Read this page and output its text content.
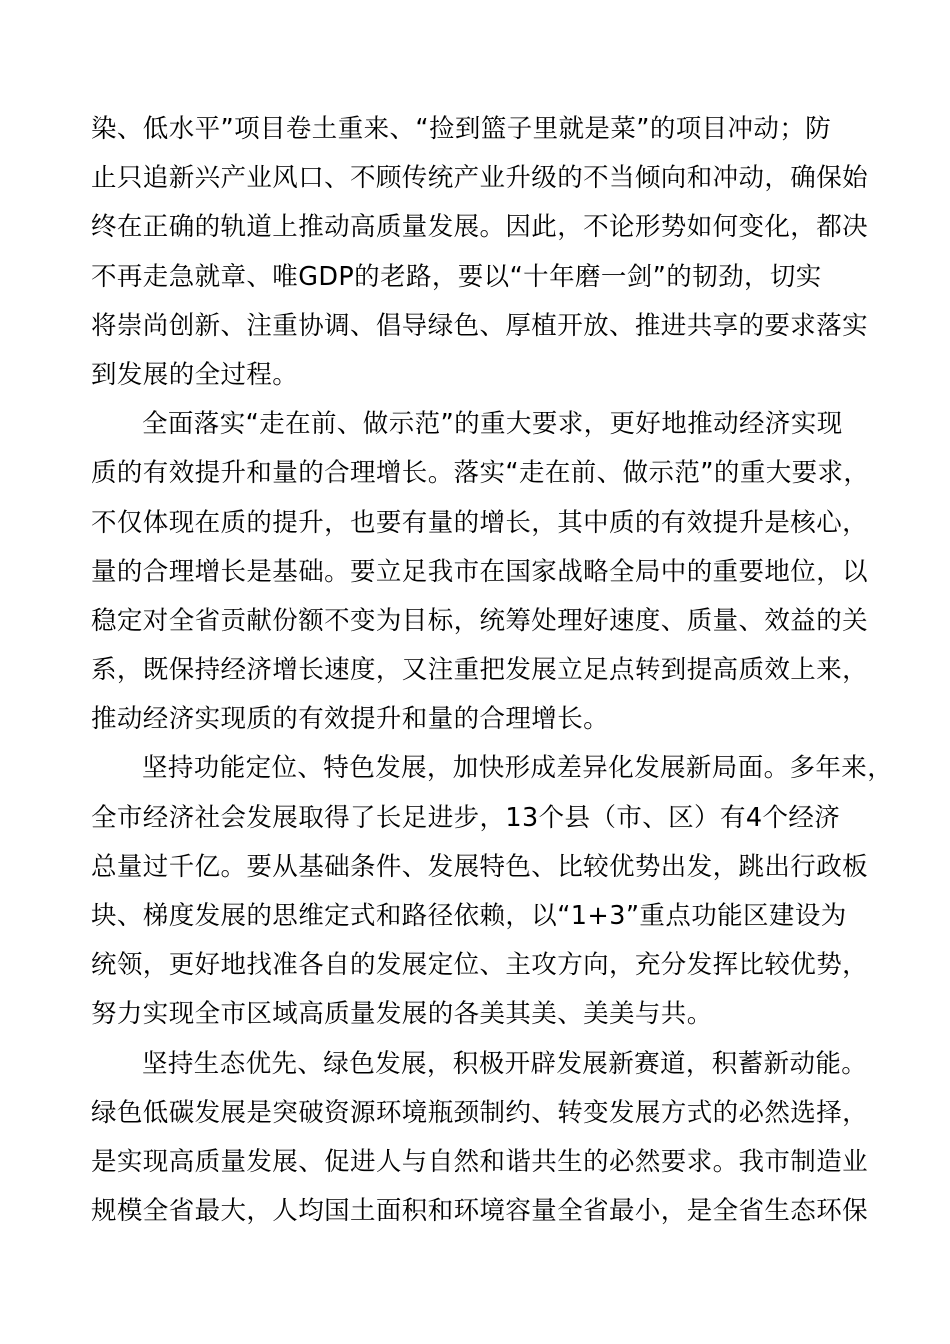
染、低水平”项目卷土重来、“捡到篮子里就是菜”的项目冲动；防
止只追新兴产业风口、不顾传统产业升级的不当倾向和冲动，确保始
终在正确的轨道上推动高质量发展。因此，不论形势如何变化，都决
不再走急就章、唯GDP的老路，要以“十年磨一剑”的韧劲，切实
将崇尚创新、注重协调、倡导绿色、厚植开放、推进共享的要求落实
到发展的全过程。
全面落实“走在前、做示范”的重大要求，更好地推动经济实现
质的有效提升和量的合理增长。落实“走在前、做示范”的重大要求，
不仅体现在质的提升，也要有量的增长，其中质的有效提升是核心，
量的合理增长是基础。要立足我市在国家战略全局中的重要地位，以
稳定对全省贡献份额不变为目标，统筹处理好速度、质量、效益的关
系，既保持经济增长速度，又注重把发展立足点转到提高质效上来，
推动经济实现质的有效提升和量的合理增长。
坚持功能定位、特色发展，加快形成差异化发展新局面。多年来，
全市经济社会发展取得了长足进步，13个县（市、区）有4个经济
总量过千亿。要从基础条件、发展特色、比较优势出发，跳出行政板
块、梯度发展的思维定式和路径依赖，以“1+3”重点功能区建设为
统领，更好地找准各自的发展定位、主攻方向，充分发挥比较优势，
努力实现全市区域高质量发展的各美其美、美美与共。
坚持生态优先、绿色发展，积极开辟发展新赛道，积蓄新动能。
绿色低碳发展是突破资源环境瓶颈制约、转变发展方式的必然选择，
是实现高质量发展、促进人与自然和谐共生的必然要求。我市制造业
规模全省最大，人均国土面积和环境容量全省最小，是全省生态环保
